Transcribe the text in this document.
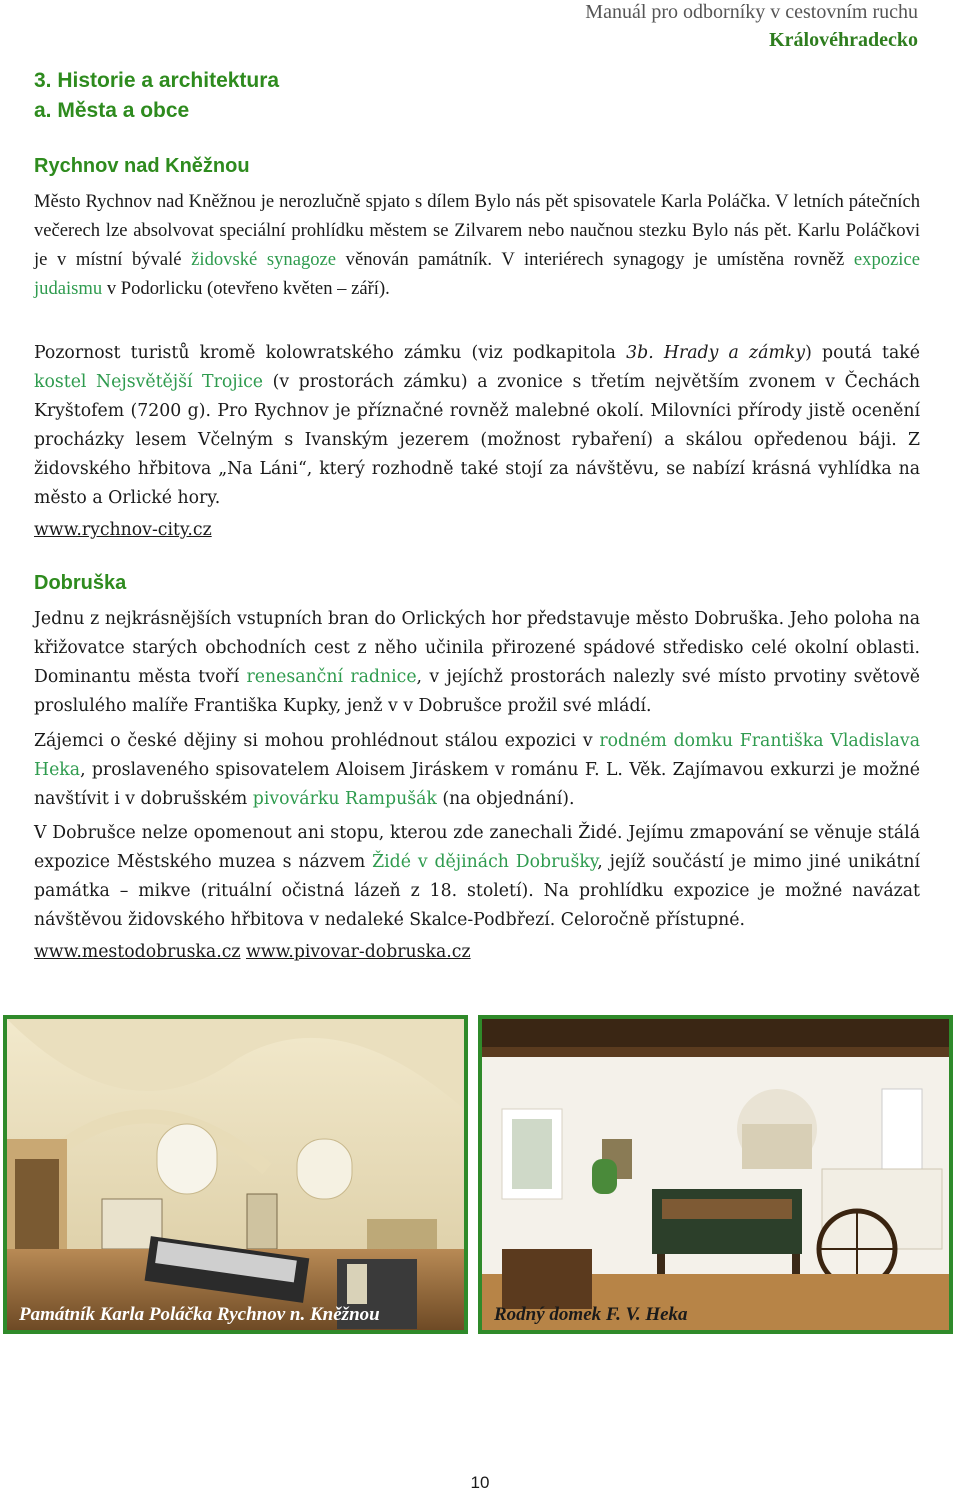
Manuál pro odborníky v cestovním ruchu
Královéhradecko
3. Historie a architektura
a. Města a obce
Rychnov nad Kněžnou
Město Rychnov nad Kněžnou je nerozlučně spjato s dílem Bylo nás pět spisovatele Karla Poláčka. V letních pátečních večerech lze absolvovat speciální prohlídku městem se Zilvarem nebo naučnou stezku Bylo nás pět. Karlu Poláčkovi je v místní bývalé židovské synagoze věnován památník. V interiérech synagogy je umístěna rovněž expozice judaismu v Podorlicku (otevřeno květen – září).
Pozornost turistů kromě kolowratského zámku (viz podkapitola 3b. Hrady a zámky) poutá také kostel Nejsvětější Trojice (v prostorách zámku) a zvonice s třetím největším zvonem v Čechách Kryštofem (7200 g). Pro Rychnov je příznačné rovněž malebné okolí. Milovníci přírody jistě ocenění procházky lesem Včelným s Ivanským jezerem (možnost rybaření) a skálou opředenou báji. Z židovského hřbitova „Na Láni“, který rozhodně také stojí za návštěvu, se nabízí krásná vyhlídka na město a Orlické hory.
www.rychnov-city.cz
Dobruška
Jednu z nejkrásnějších vstupních bran do Orlických hor představuje město Dobruška. Jeho poloha na křižovatce starých obchodních cest z něho učinila přirozené spádové středisko celé okolní oblasti. Dominantu města tvoří renesanční radnice, v jejíchž prostorách nalezly své místo prvotiny světově proslulého malíře Františka Kupky, jenž v v Dobrušce prožil své mládí.
Zájemci o české dějiny si mohou prohlédnout stálou expozici v rodném domku Františka Vladislava Heka, proslaveného spisovatelem Aloisem Jiráskem v románu F. L. Věk. Zajímavou exkurzi je možné navštívit i v dobrušském pivovárku Rampušák (na objednání).
V Dobrušce nelze opomenout ani stopu, kterou zde zanechali Židé. Jejímu zmapování se věnuje stálá expozice Městského muzea s názvem Židé v dějinách Dobrušky, jejíž součástí je mimo jiné unikátní památka – mikve (rituální očistná lázeň z 18. století). Na prohlídku expozice je možné navázat návštěvou židovského hřbitova v nedaleké Skalce-Podbřezí. Celoročně přístupné.
www.mestodobruska.cz www.pivovar-dobruska.cz
Památník Karla Poláčka Rychnov n. Kněžnou	Rodný domek F. V. Heka
10
